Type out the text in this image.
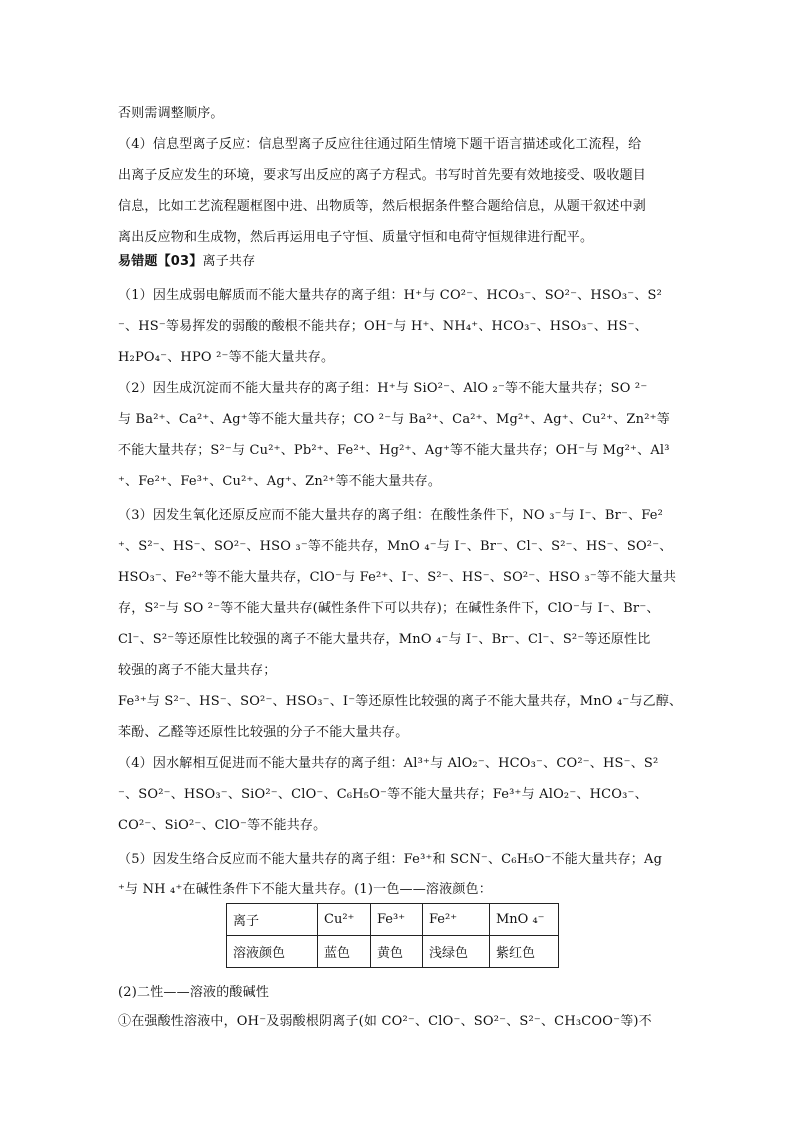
否则需调整顺序。
（4）信息型离子反应：信息型离子反应往往通过陌生情境下题干语言描述或化工流程，给
出离子反应发生的环境，要求写出反应的离子方程式。书写时首先要有效地接受、吸收题目
信息，比如工艺流程题框图中进、出物质等，然后根据条件整合题给信息，从题干叙述中剥
离出反应物和生成物，然后再运用电子守恒、质量守恒和电荷守恒规律进行配平。
易错题【03】离子共存
（1）因生成弱电解质而不能大量共存的离子组：H⁺与 CO²⁻、HCO₃⁻、SO²⁻、HSO₃⁻、S²
⁻、HS⁻等易挥发的弱酸的酸根不能共存；OH⁻与 H⁺、NH₄⁺、HCO₃⁻、HSO₃⁻、HS⁻、
H₂PO₄⁻、HPO ²⁻等不能大量共存。
（2）因生成沉淀而不能大量共存的离子组：H⁺与 SiO²⁻、AlO ₂⁻等不能大量共存；SO ²⁻
与 Ba²⁺、Ca²⁺、Ag⁺等不能大量共存；CO ²⁻与 Ba²⁺、Ca²⁺、Mg²⁺、Ag⁺、Cu²⁺、Zn²⁺等
不能大量共存；S²⁻与 Cu²⁺、Pb²⁺、Fe²⁺、Hg²⁺、Ag⁺等不能大量共存；OH⁻与 Mg²⁺、Al³
⁺、Fe²⁺、Fe³⁺、Cu²⁺、Ag⁺、Zn²⁺等不能大量共存。
（3）因发生氧化还原反应而不能大量共存的离子组：在酸性条件下，NO ₃⁻与 I⁻、Br⁻、Fe²
⁺、S²⁻、HS⁻、SO²⁻、HSO ₃⁻等不能共存，MnO ₄⁻与 I⁻、Br⁻、Cl⁻、S²⁻、HS⁻、SO²⁻、
HSO₃⁻、Fe²⁺等不能大量共存，ClO⁻与 Fe²⁺、I⁻、S²⁻、HS⁻、SO²⁻、HSO ₃⁻等不能大量共
存，S²⁻与 SO ²⁻等不能大量共存(碱性条件下可以共存)；在碱性条件下，ClO⁻与 I⁻、Br⁻、
Cl⁻、S²⁻等还原性比较强的离子不能大量共存，MnO ₄⁻与 I⁻、Br⁻、Cl⁻、S²⁻等还原性比
较强的离子不能大量共存；
Fe³⁺与 S²⁻、HS⁻、SO²⁻、HSO₃⁻、I⁻等还原性比较强的离子不能大量共存，MnO ₄⁻与乙醇、
苯酚、乙醛等还原性比较强的分子不能大量共存。
（4）因水解相互促进而不能大量共存的离子组：Al³⁺与 AlO₂⁻、HCO₃⁻、CO²⁻、HS⁻、S²
⁻、SO²⁻、HSO₃⁻、SiO²⁻、ClO⁻、C₆H₅O⁻等不能大量共存；Fe³⁺与 AlO₂⁻、HCO₃⁻、
CO²⁻、SiO²⁻、ClO⁻等不能共存。
（5）因发生络合反应而不能大量共存的离子组：Fe³⁺和 SCN⁻、C₆H₅O⁻不能大量共存；Ag
⁺与 NH ₄⁺在碱性条件下不能大量共存。(1)一色——溶液颜色：
离子	Cu²⁺	Fe³⁺	Fe²⁺	MnO ₄⁻
溶液颜色	蓝色	黄色	浅绿色	紫红色
(2)二性——溶液的酸碱性
①在强酸性溶液中，OH⁻及弱酸根阴离子(如 CO²⁻、ClO⁻、SO²⁻、S²⁻、CH₃COO⁻等)不
